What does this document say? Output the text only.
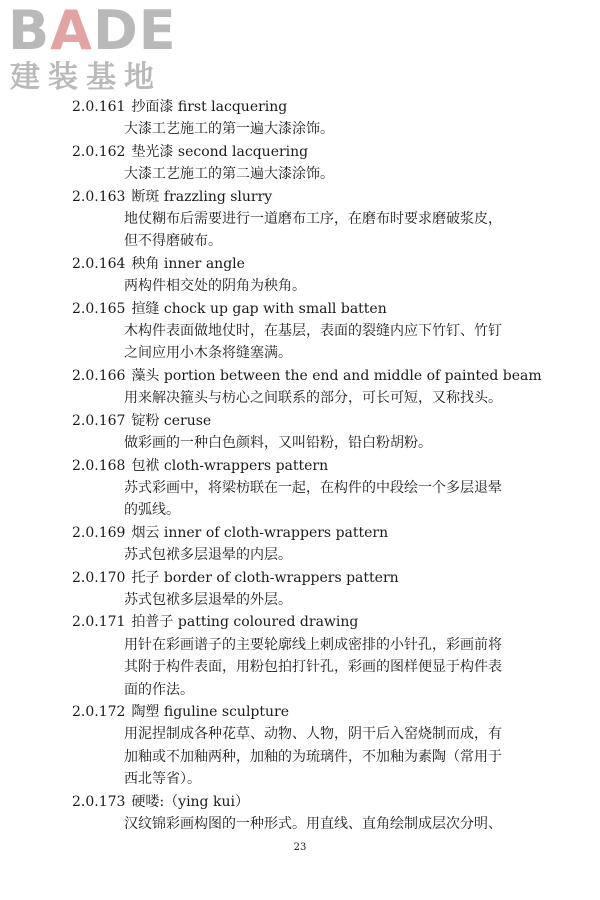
BADE
建装基地

2.0.161 抄面漆 first lacquering

大漆工艺施工的第一遍大漆涂饰。

2.0.162 垫光漆 second lacquering

大漆工艺施工的第二遍大漆涂饰。

2.0.163 断斑 frazzling slurry

地仗糊布后需要进行一道磨布工序，在磨布时要求磨破浆皮，

但不得磨破布。

2.0.164 秧角 inner angle

两构件相交处的阴角为秧角。

2.0.165 揎缝 chock up gap with small batten

木构件表面做地仗时，在基层，表面的裂缝内应下竹钉、竹钉

之间应用小木条将缝塞满。

2.0.166 藻头 portion between the end and middle of painted beam

用来解决箍头与枋心之间联系的部分，可长可短，又称找头。

2.0.167 锭粉 ceruse

做彩画的一种白色颜料，又叫铅粉，铅白粉胡粉。

2.0.168 包袱 cloth-wrappers pattern

苏式彩画中，将梁枋联在一起，在构件的中段绘一个多层退晕

的弧线。

2.0.169 烟云 inner of cloth-wrappers pattern

苏式包袱多层退晕的内层。

2.0.170 托子 border of cloth-wrappers pattern

苏式包袱多层退晕的外层。

2.0.171 拍普子 patting coloured drawing

用针在彩画谱子的主要轮廓线上刺成密排的小针孔，彩画前将

其附于构件表面，用粉包拍打针孔，彩画的图样便显于构件表

面的作法。

2.0.172 陶塑 figuline sculpture

用泥捏制成各种花草、动物、人物，阴干后入窑烧制而成，有

加釉或不加釉两种，加釉的为琉璃件，不加釉为素陶（常用于

西北等省）。

2.0.173 硬喽:（ying kui）

汉纹锦彩画构图的一种形式。用直线、直角绘制成层次分明、

23
